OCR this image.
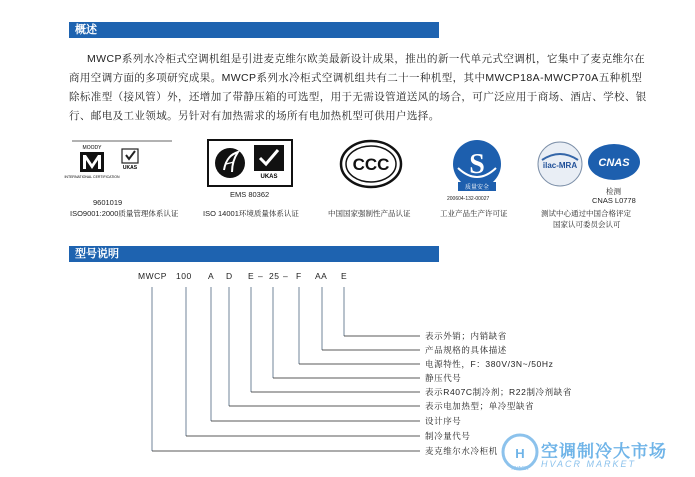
概述
MWCP系列水冷柜式空调机组是引进麦克维尔欧美最新设计成果，推出的新一代单元式空调机，它集中了麦克维尔在商用空调方面的多项研究成果。MWCP系列水冷柜式空调机组共有二十一种机型，其中MWCP18A-MWCP70A五种机型除标准型（接风管）外，还增加了带静压箱的可选型，用于无需设管道送风的场合，可广泛应用于商场、酒店、学校、银行、邮电及工业领域。另针对有加热需求的场所有电加热机型可供用户选择。
MOODY
INTERNATIONAL CERTIFICATION
UKAS
9601019
ISO9001:2000质量管理体系认证
UKAS
EMS 80362
ISO 14001环境质量体系认证
CCC
中国国家强制性产品认证
S
质量安全
200604-132-00027
工业产品生产许可证
ilac-MRA CNAS
检测
CNAS L0778
测试中心通过中国合格评定
国家认可委员会认可
型号说明
MWCP 100 A D E – 25 – F AA E
表示外销；内销缺省
产品规格的具体描述
电源特性，F：380V/3N~/50Hz
静压代号
表示R407C制冷剂；R22制冷剂缺省
表示电加热型；单冷型缺省
设计序号
制冷量代号
麦克维尔水冷柜机 H
HVACR
空调制冷大市场
HVACR MARKET
